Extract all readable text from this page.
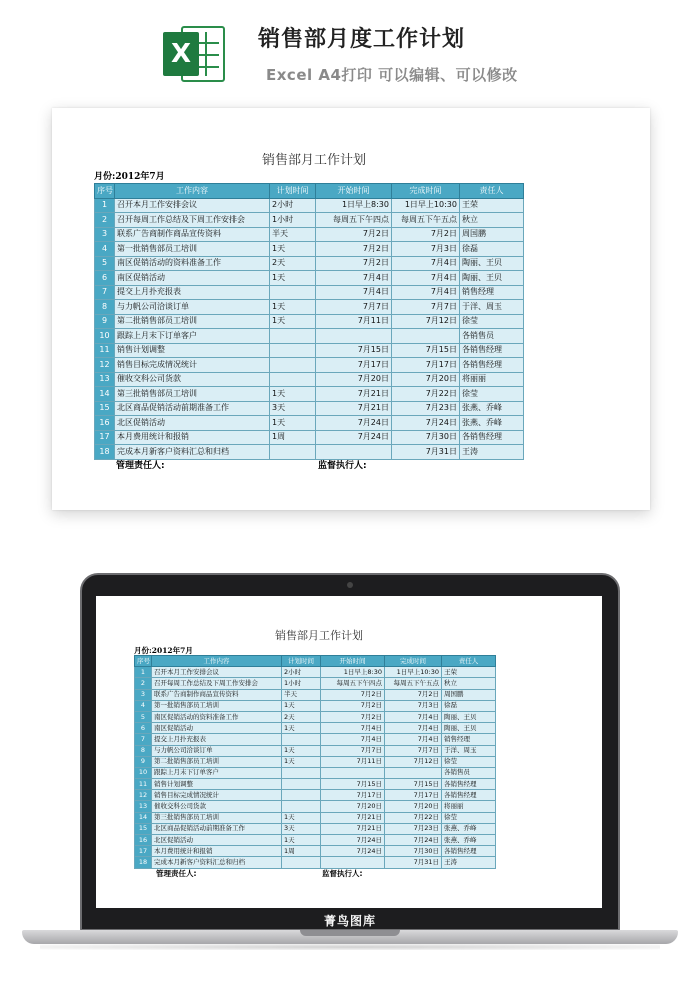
X	销售部月度工作计划
Excel A4打印 可以编辑、可以修改
菁鸟图库
销售部月工作计划
月份:2012年7月
序号	工作内容	计划时间	开始时间	完成时间	责任人
1	召开本月工作安排会议	2小时	1日早上8:30	1日早上10:30	王荣
2	召开每周工作总结及下周工作安排会	1小时	每周五下午四点	每周五下午五点	秋立
3	联系广告商制作商品宣传资料	半天	7月2日	7月2日	周国鹏
4	第一批销售部员工培训	1天	7月2日	7月3日	徐磊
5	南区促销活动的资料准备工作	2天	7月2日	7月4日	陶丽、王贝
6	南区促销活动	1天	7月4日	7月4日	陶丽、王贝
7	提交上月扑充报表		7月4日	7月4日	销售经理
8	与力帆公司洽谈订单	1天	7月7日	7月7日	于洋、周玉
9	第二批销售部员工培训	1天	7月11日	7月12日	徐莹
10	跟踪上月末下订单客户				各销售员
11	销售计划调整		7月15日	7月15日	各销售经理
12	销售目标完成情况统计		7月17日	7月17日	各销售经理
13	催收交科公司货款		7月20日	7月20日	将丽丽
14	第三批销售部员工培训	1天	7月21日	7月22日	徐莹
15	北区商品促销活动前期准备工作	3天	7月21日	7月23日	张燕、乔峰
16	北区促销活动	1天	7月24日	7月24日	张燕、乔峰
17	本月费用统计和报销	1周	7月24日	7月30日	各销售经理
18	完成本月新客户资料汇总和归档			7月31日	王涛
管理责任人:	监督执行人:
销售部月工作计划
月份:2012年7月
序号	工作内容	计划时间	开始时间	完成时间	责任人
1	召开本月工作安排会议	2小时	1日早上8:30	1日早上10:30	王荣
2	召开每周工作总结及下周工作安排会	1小时	每周五下午四点	每周五下午五点	秋立
3	联系广告商制作商品宣传资料	半天	7月2日	7月2日	周国鹏
4	第一批销售部员工培训	1天	7月2日	7月3日	徐磊
5	南区促销活动的资料准备工作	2天	7月2日	7月4日	陶丽、王贝
6	南区促销活动	1天	7月4日	7月4日	陶丽、王贝
7	提交上月扑充报表		7月4日	7月4日	销售经理
8	与力帆公司洽谈订单	1天	7月7日	7月7日	于洋、周玉
9	第二批销售部员工培训	1天	7月11日	7月12日	徐莹
10	跟踪上月末下订单客户				各销售员
11	销售计划调整		7月15日	7月15日	各销售经理
12	销售目标完成情况统计		7月17日	7月17日	各销售经理
13	催收交科公司货款		7月20日	7月20日	将丽丽
14	第三批销售部员工培训	1天	7月21日	7月22日	徐莹
15	北区商品促销活动前期准备工作	3天	7月21日	7月23日	张燕、乔峰
16	北区促销活动	1天	7月24日	7月24日	张燕、乔峰
17	本月费用统计和报销	1周	7月24日	7月30日	各销售经理
18	完成本月新客户资料汇总和归档			7月31日	王涛
管理责任人:	监督执行人:
